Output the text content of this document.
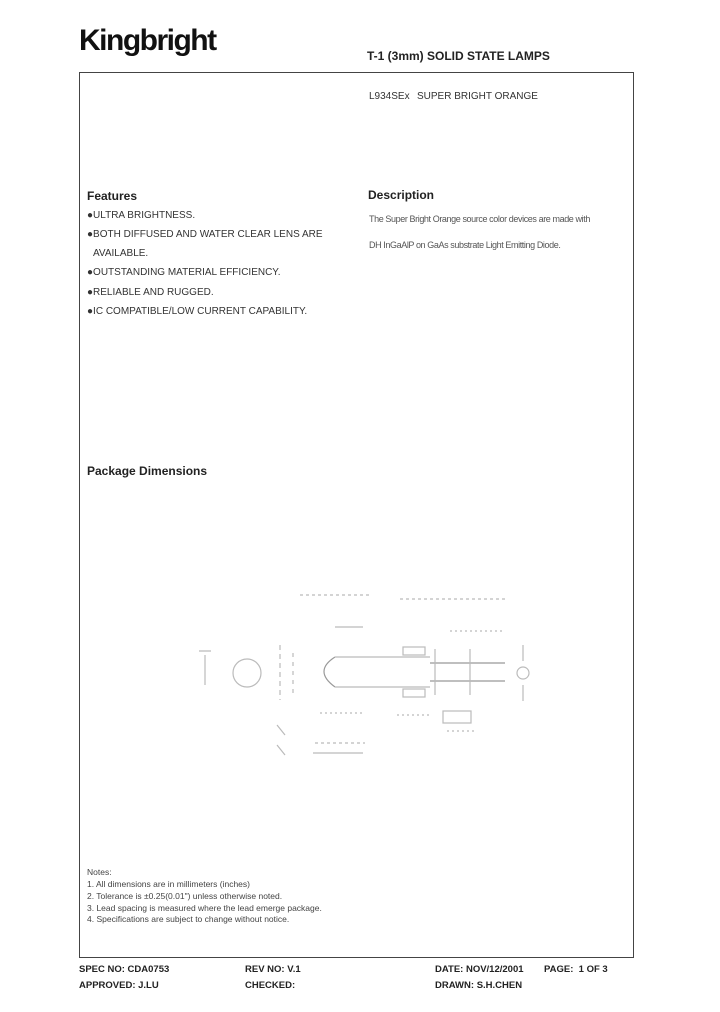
Kingbright	T-1 (3mm) SOLID STATE LAMPS
L934SEx SUPER BRIGHT ORANGE
Features
●ULTRA BRIGHTNESS.
●BOTH DIFFUSED AND WATER CLEAR LENS ARE
AVAILABLE.
●OUTSTANDING MATERIAL EFFICIENCY.
●RELIABLE AND RUGGED.
●IC COMPATIBLE/LOW CURRENT CAPABILITY.
Description
The Super Bright Orange source color devices are made with
DH InGaAlP on GaAs substrate Light Emitting Diode.
Package Dimensions
Notes:
1. All dimensions are in millimeters (inches)
2. Tolerance is ±0.25(0.01") unless otherwise noted.
3. Lead spacing is measured where the lead emerge package.
4. Specifications are subject to change without notice.
SPEC NO: CDA0753	REV NO: V.1	DATE: NOV/12/2001 PAGE:  1 OF 3
APPROVED: J.LU	CHECKED:	DRAWN: S.H.CHEN
